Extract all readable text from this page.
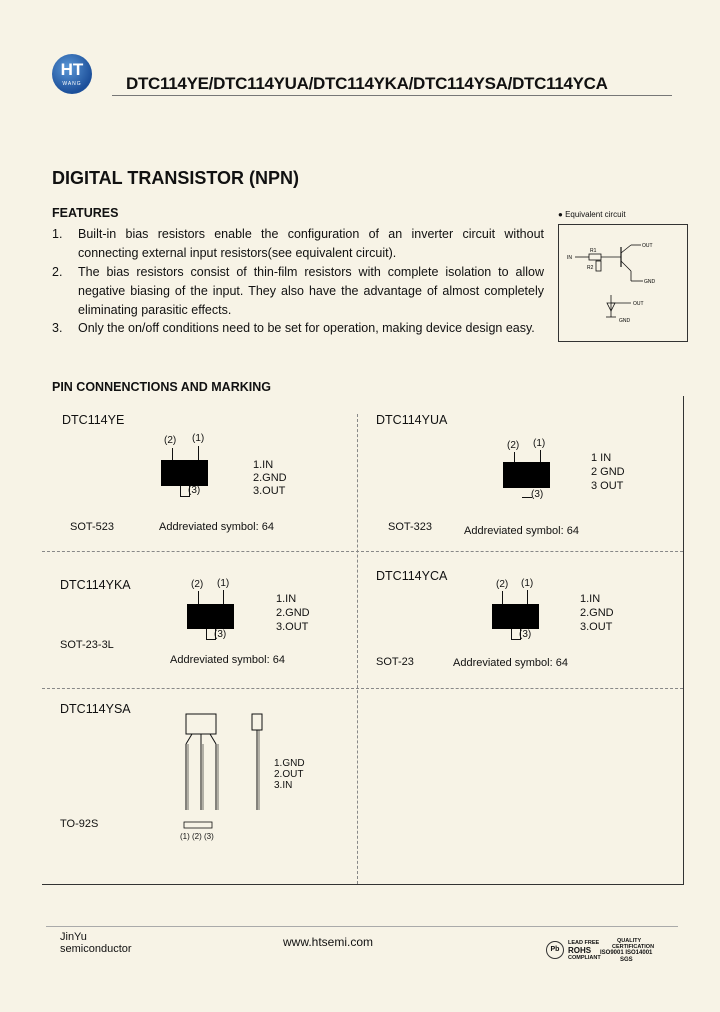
HT
WANG	DTC114YE/DTC114YUA/DTC114YKA/DTC114YSA/DTC114YCA
DIGITAL TRANSISTOR (NPN)
FEATURES
1. Built-in bias resistors enable the configuration of an inverter circuit without connecting external input resistors(see equivalent circuit).
2. The bias resistors consist of thin-film resistors with complete isolation to allow negative biasing of the input. They also have the advantage of almost completely eliminating parasitic effects.
3. Only the on/off conditions need to be set for operation, making device design easy.
● Equivalent circuit
IN
R1
R2
OUT
GND
OUT
GND
PIN CONNENCTIONS AND MARKING
DTC114YE
(2) (1)
(3)
1.IN
2.GND
3.OUT
SOT-523	Addreviated symbol: 64
DTC114YUA
(2) (1)
(3)
1 IN
2 GND
3 OUT
SOT-323	Addreviated symbol: 64
DTC114YKA	(2) (1)
(3)
1.IN
2.GND
3.OUT
SOT-23-3L
Addreviated symbol: 64
DTC114YCA
(2) (1)
(3)
1.IN
2.GND
3.OUT
SOT-23	Addreviated symbol: 64
DTC114YSA
1.GND
2.OUT
3.IN
(1) (2) (3)
TO-92S
JinYu
semiconductor	www.htsemi.com
Pb
LEAD FREE
ROHS
COMPLIANT
QUALITY
CERTIFICATION
ISO9001 ISO14001
SGS
